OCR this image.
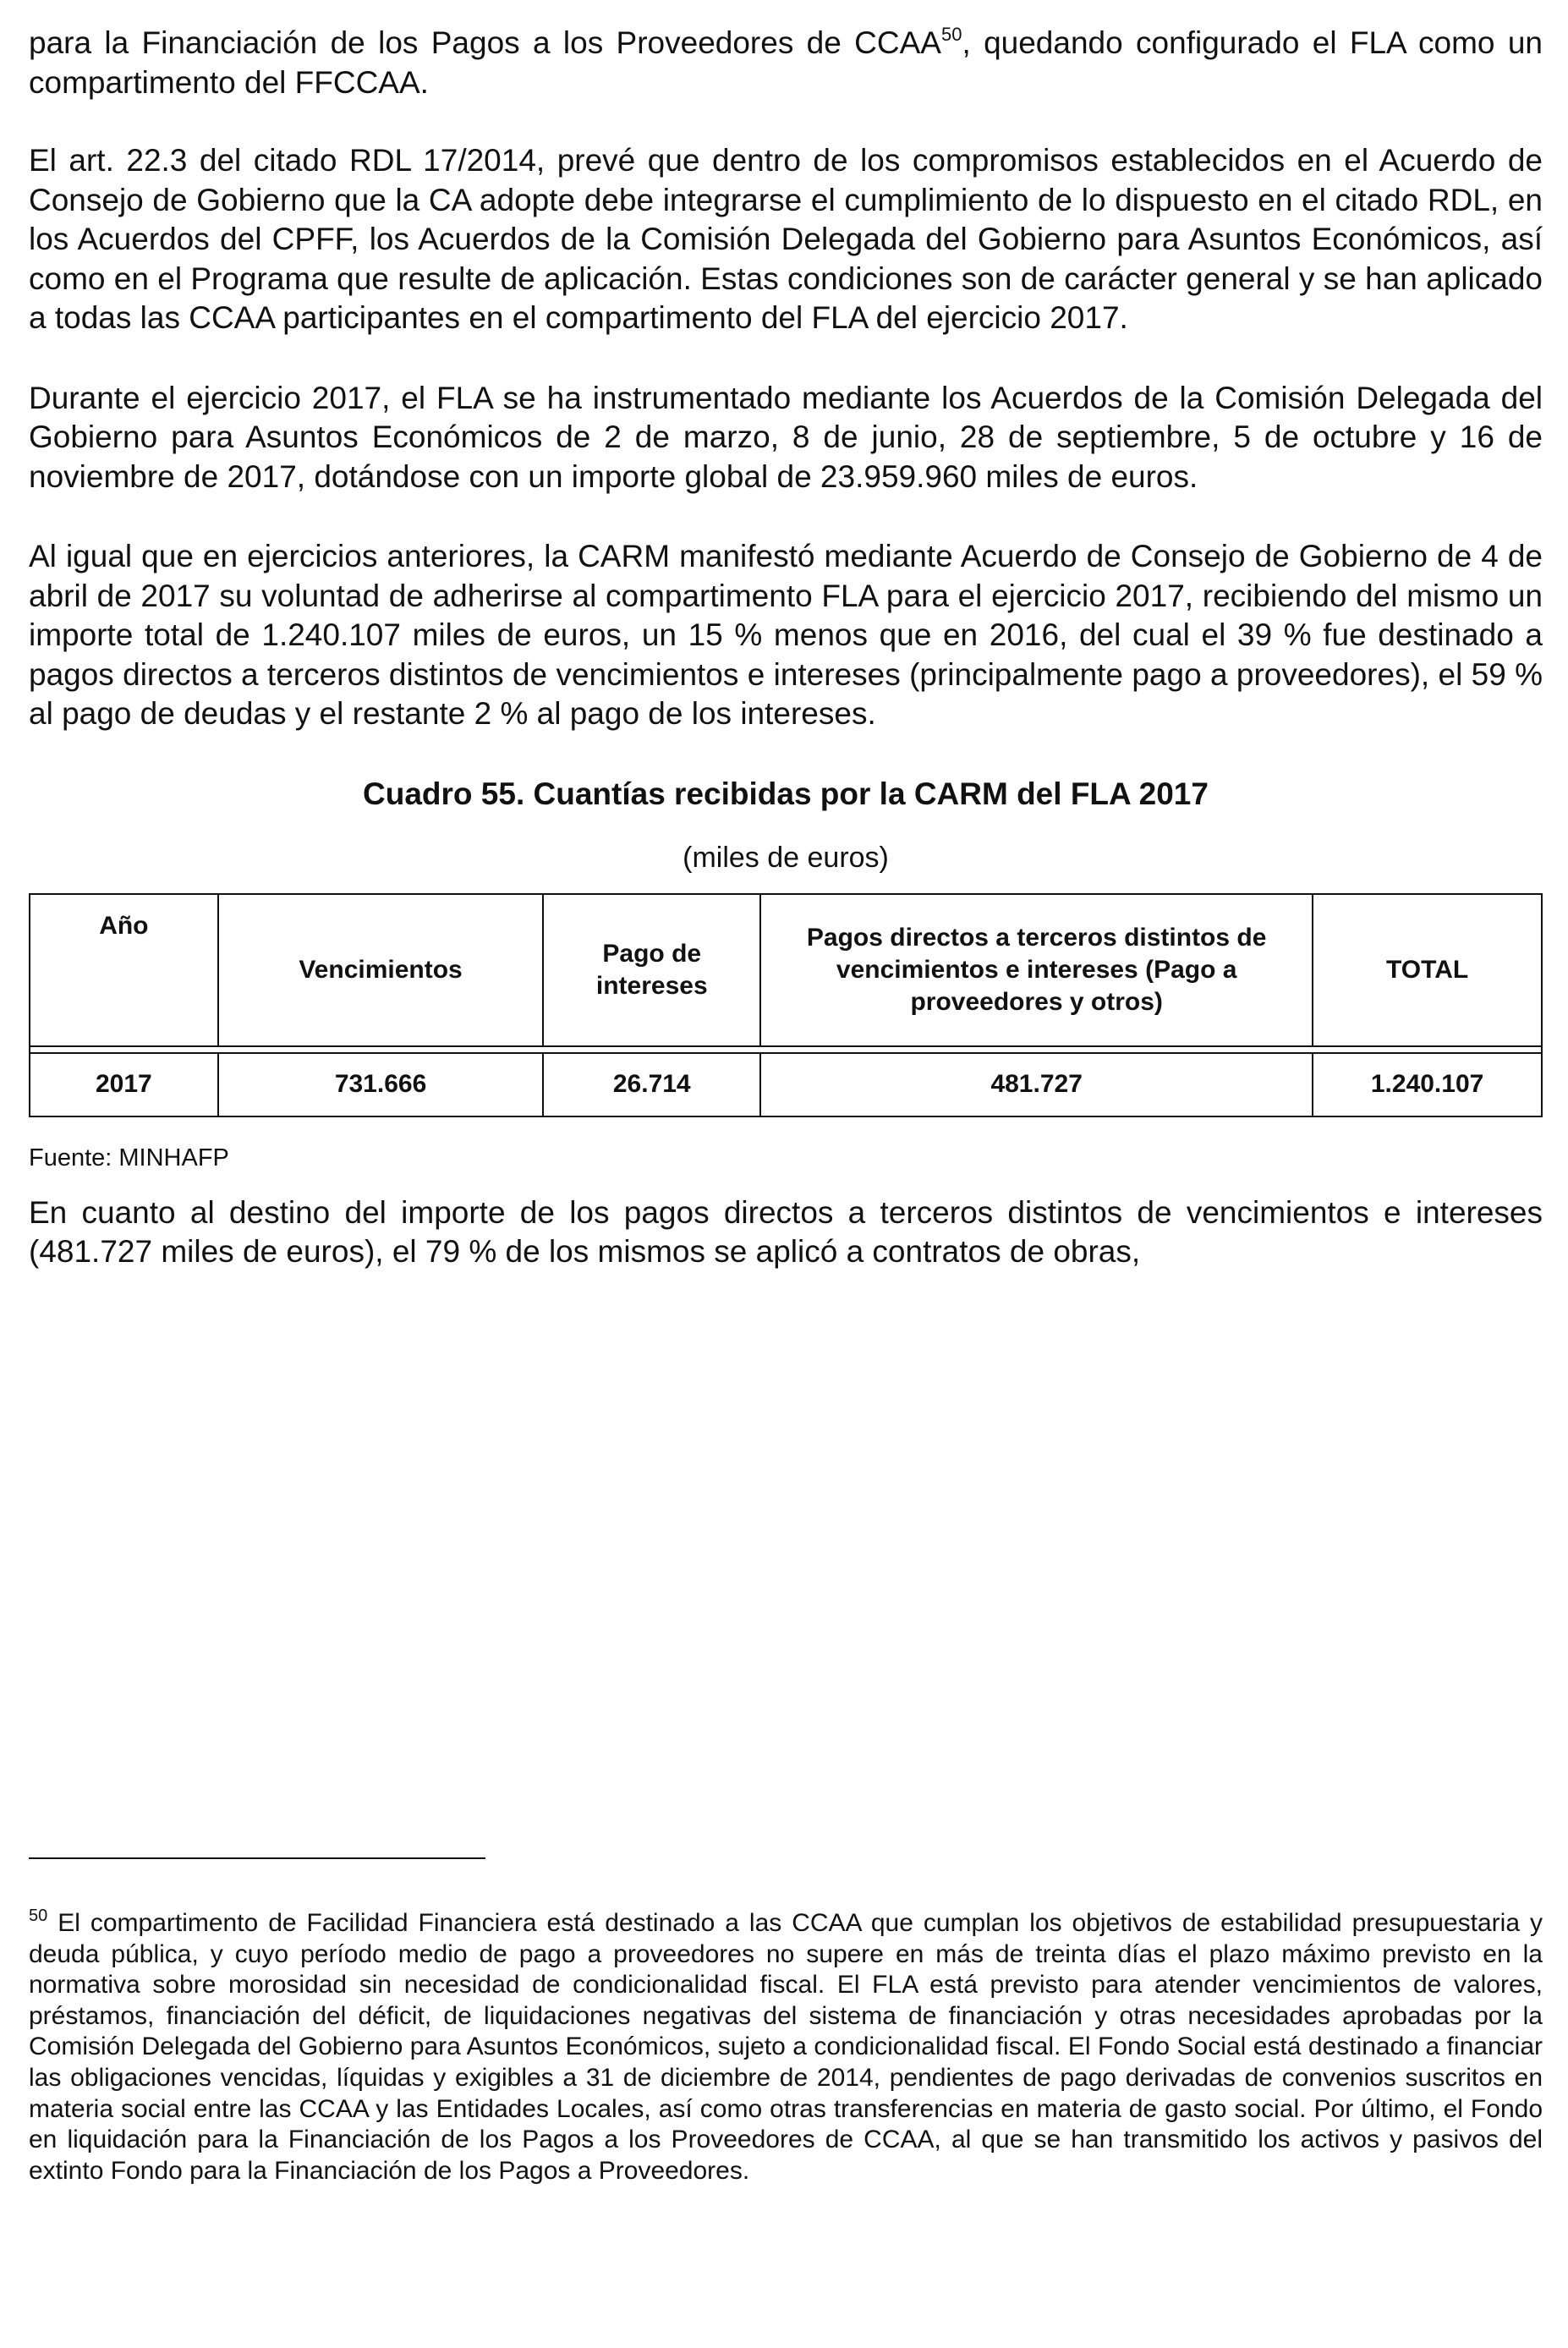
para la Financiación de los Pagos a los Proveedores de CCAA$^{50}$, quedando configurado el FLA como un compartimento del FFCCAA.

El art. 22.3 del citado RDL 17/2014, prevé que dentro de los compromisos establecidos en el Acuerdo de Consejo de Gobierno que la CA adopte debe integrarse el cumplimiento de lo dispuesto en el citado RDL, en los Acuerdos del CPFF, los Acuerdos de la Comisión Delegada del Gobierno para Asuntos Económicos, así como en el Programa que resulte de aplicación. Estas condiciones son de carácter general y se han aplicado a todas las CCAA participantes en el compartimento del FLA del ejercicio 2017.

Durante el ejercicio 2017, el FLA se ha instrumentado mediante los Acuerdos de la Comisión Delegada del Gobierno para Asuntos Económicos de 2 de marzo, 8 de junio, 28 de septiembre, 5 de octubre y 16 de noviembre de 2017, dotándose con un importe global de 23.959.960 miles de euros.

Al igual que en ejercicios anteriores, la CARM manifestó mediante Acuerdo de Consejo de Gobierno de 4 de abril de 2017 su voluntad de adherirse al compartimento FLA para el ejercicio 2017, recibiendo del mismo un importe total de 1.240.107 miles de euros, un 15 % menos que en 2016, del cual el 39 % fue destinado a pagos directos a terceros distintos de vencimientos e intereses (principalmente pago a proveedores), el 59 % al pago de deudas y el restante 2 % al pago de los intereses.

Cuadro 55. Cuantías recibidas por la CARM del FLA 2017

(miles de euros)

Año	Vencimientos	Pago de intereses	Pagos directos a terceros distintos de vencimientos e intereses (Pago a proveedores y otros)	TOTAL

2017	731.666	26.714	481.727	1.240.107

Fuente: MINHAFP

En cuanto al destino del importe de los pagos directos a terceros distintos de vencimientos e intereses (481.727 miles de euros), el 79 % de los mismos se aplicó a contratos de obras,

$^{50}$ El compartimento de Facilidad Financiera está destinado a las CCAA que cumplan los objetivos de estabilidad presupuestaria y deuda pública, y cuyo período medio de pago a proveedores no supere en más de treinta días el plazo máximo previsto en la normativa sobre morosidad sin necesidad de condicionalidad fiscal. El FLA está previsto para atender vencimientos de valores, préstamos, financiación del déficit, de liquidaciones negativas del sistema de financiación y otras necesidades aprobadas por la Comisión Delegada del Gobierno para Asuntos Económicos, sujeto a condicionalidad fiscal. El Fondo Social está destinado a financiar las obligaciones vencidas, líquidas y exigibles a 31 de diciembre de 2014, pendientes de pago derivadas de convenios suscritos en materia social entre las CCAA y las Entidades Locales, así como otras transferencias en materia de gasto social. Por último, el Fondo en liquidación para la Financiación de los Pagos a los Proveedores de CCAA, al que se han transmitido los activos y pasivos del extinto Fondo para la Financiación de los Pagos a Proveedores.
